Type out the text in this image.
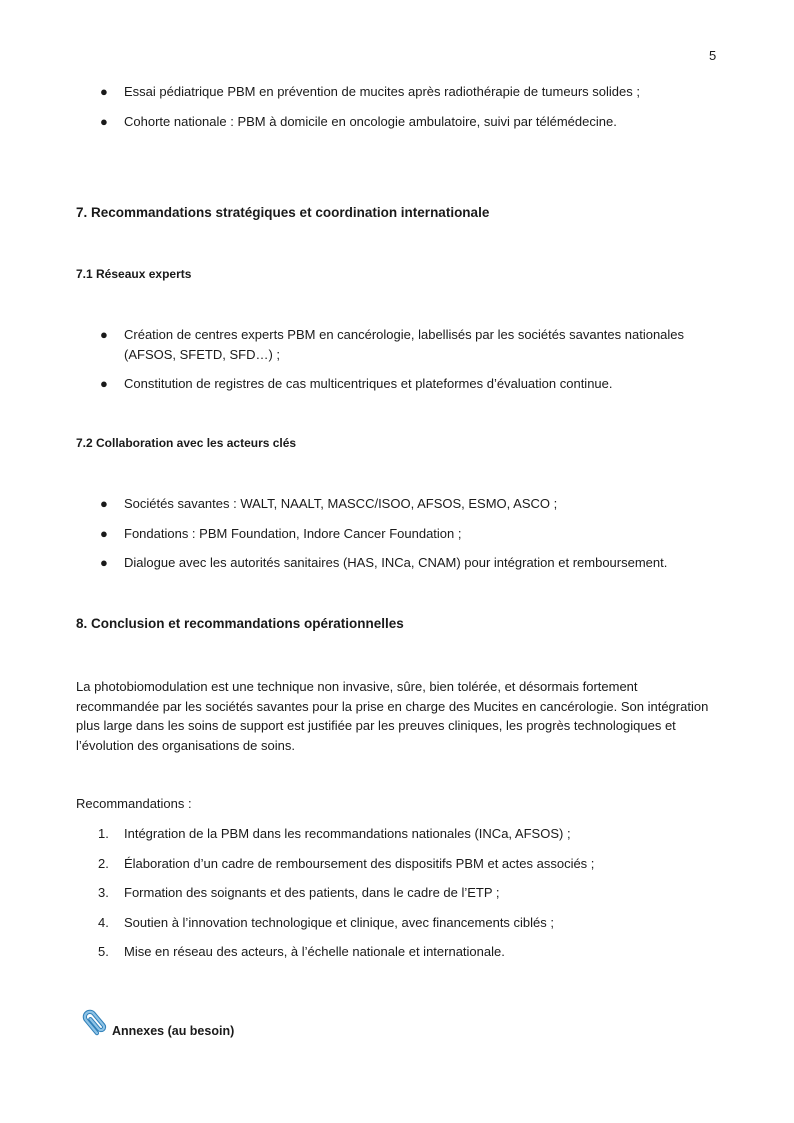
5
● Essai pédiatrique PBM en prévention de mucites après radiothérapie de tumeurs solides ;
● Cohorte nationale : PBM à domicile en oncologie ambulatoire, suivi par télémédecine.
7. Recommandations stratégiques et coordination internationale
7.1 Réseaux experts
● Création de centres experts PBM en cancérologie, labellisés par les sociétés savantes nationales (AFSOS, SFETD, SFD…) ;
● Constitution de registres de cas multicentriques et plateformes d’évaluation continue.
7.2 Collaboration avec les acteurs clés
● Sociétés savantes : WALT, NAALT, MASCC/ISOO, AFSOS, ESMO, ASCO ;
● Fondations : PBM Foundation, Indore Cancer Foundation ;
● Dialogue avec les autorités sanitaires (HAS, INCa, CNAM) pour intégration et remboursement.
8. Conclusion et recommandations opérationnelles

La photobiomodulation est une technique non invasive, sûre, bien tolérée, et désormais fortement recommandée par les sociétés savantes pour la prise en charge des Mucites en cancérologie. Son intégration plus large dans les soins de support est justifiée par les preuves cliniques, les progrès technologiques et l’évolution des organisations de soins.

Recommandations :

1.	Intégration de la PBM dans les recommandations nationales (INCa, AFSOS) ;
2.	Élaboration d’un cadre de remboursement des dispositifs PBM et actes associés ;
3.	Formation des soignants et des patients, dans le cadre de l’ETP ;
4.	Soutien à l’innovation technologique et clinique, avec financements ciblés ;
5.	Mise en réseau des acteurs, à l’échelle nationale et internationale.
Annexes (au besoin)
